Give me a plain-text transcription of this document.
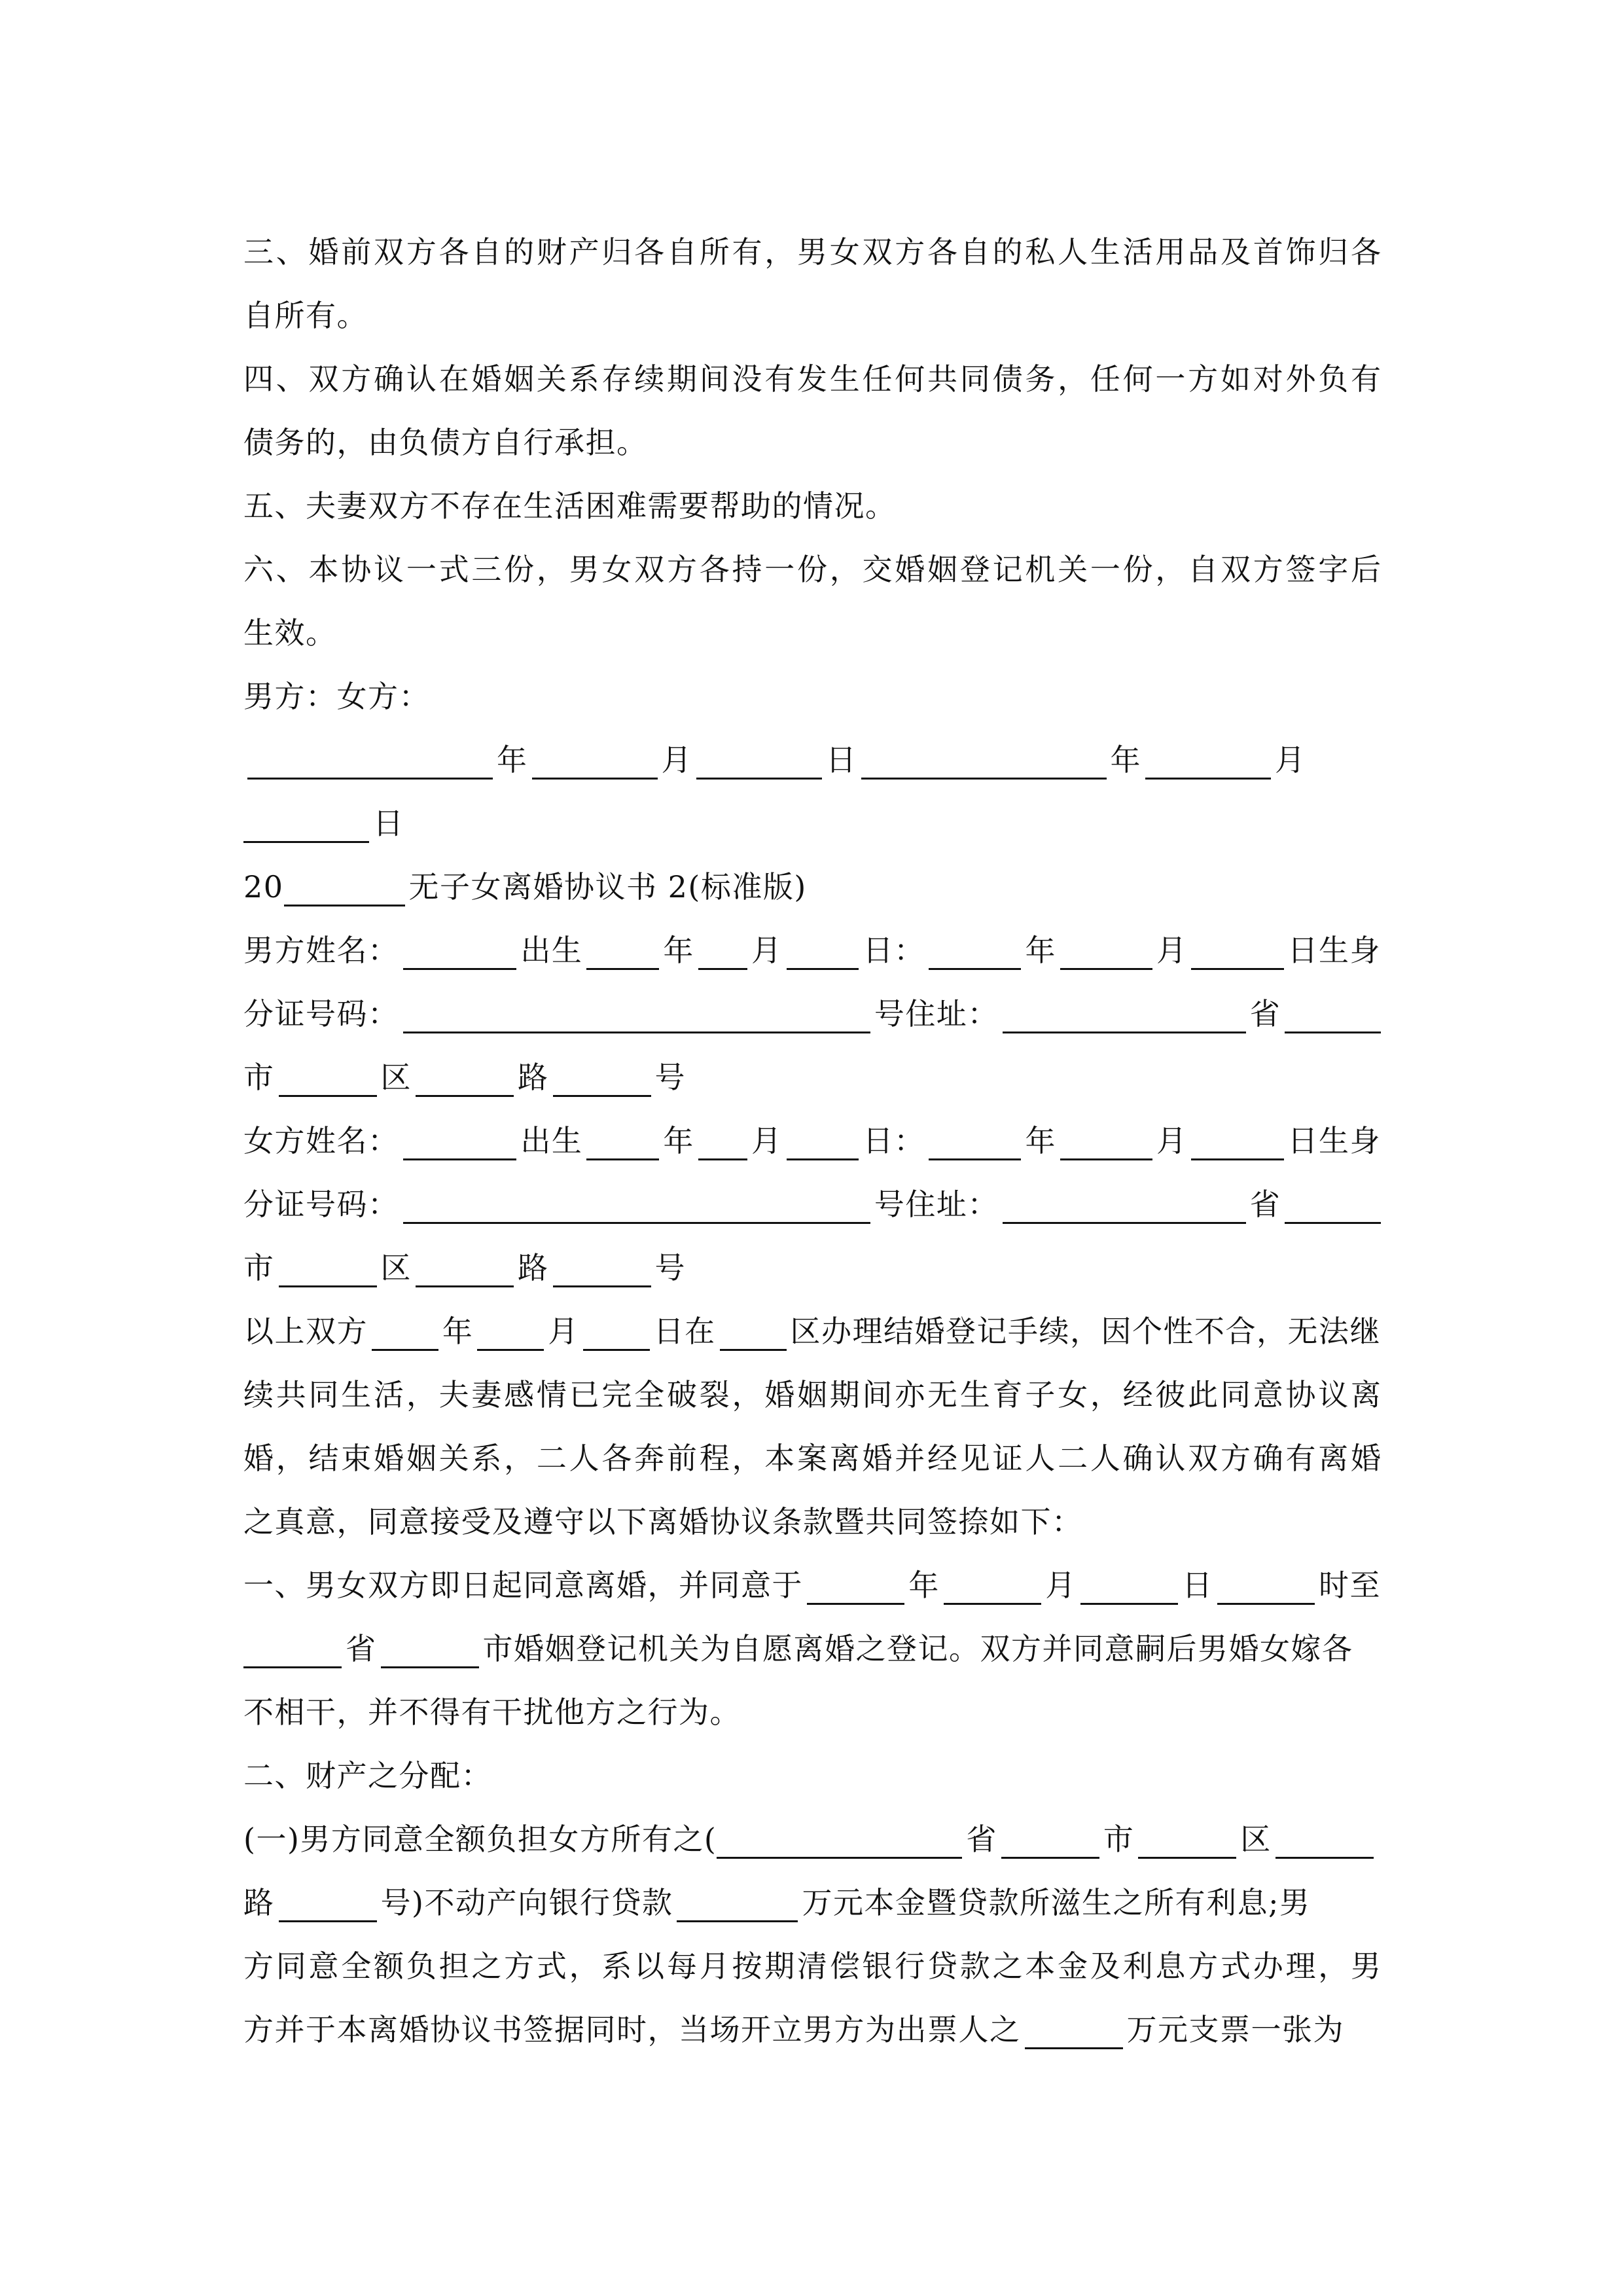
三、婚前双方各自的财产归各自所有，男女双方各自的私人生活用品及首饰归各
自所有。
四、双方确认在婚姻关系存续期间没有发生任何共同债务，任何一方如对外负有
债务的，由负债方自行承担。
五、夫妻双方不存在生活困难需要帮助的情况。
六、本协议一式三份，男女双方各持一份，交婚姻登记机关一份，自双方签字后
生效。
男方：女方：
年	月	日	年	月
日
20	无子女离婚协议书 2(标准版)
男方姓名：	出生	年 月	日：	年	月	日生身
分证号码：	号住址：	省
市	区	路	号
女方姓名：	出生	年 月	日：	年	月	日生身
分证号码：	号住址：	省
市	区	路	号
以上双方 年 月 日在 区办理结婚登记手续，因个性不合，无法继
续共同生活，夫妻感情已完全破裂，婚姻期间亦无生育子女，经彼此同意协议离
婚，结束婚姻关系，二人各奔前程，本案离婚并经见证人二人确认双方确有离婚
之真意，同意接受及遵守以下离婚协议条款暨共同签捺如下：
一、男女双方即日起同意离婚，并同意于	年	月	日	时至
省	市婚姻登记机关为自愿离婚之登记。双方并同意嗣后男婚女嫁各
不相干，并不得有干扰他方之行为。
二、财产之分配：
(一)男方同意全额负担女方所有之(	省	市	区
路	号)不动产向银行贷款	万元本金暨贷款所滋生之所有利息;男
方同意全额负担之方式，系以每月按期清偿银行贷款之本金及利息方式办理，男
方并于本离婚协议书签据同时，当场开立男方为出票人之	万元支票一张为
